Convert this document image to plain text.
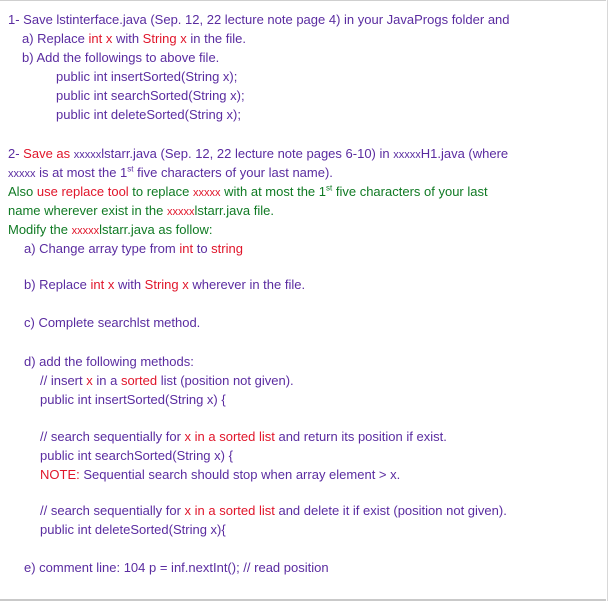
1- Save lstinterface.java (Sep. 12, 22 lecture note page 4) in your JavaProgs folder and
a) Replace int x with String x in the file.
b) Add the followings to above file.
public int insertSorted(String x);
public int searchSorted(String x);
public int deleteSorted(String x);
2- Save as xxxxxlstarr.java (Sep. 12, 22 lecture note pages 6-10) in xxxxxH1.java (where
xxxxx is at most the 1st five characters of your last name).
Also use replace tool to replace xxxxx with at most the 1st five characters of your last
name wherever exist in the xxxxxlstarr.java file.
Modify the xxxxxlstarr.java as follow:
a) Change array type from int to string
b) Replace int x with String x wherever in the file.
c) Complete searchlst method.
d) add the following methods:
// insert x in a sorted list (position not given).
public int insertSorted(String x) {
// search sequentially for x in a sorted list and return its position if exist.
public int searchSorted(String x) {
NOTE: Sequential search should stop when array element > x.
// search sequentially for x in a sorted list and delete it if exist (position not given).
public int deleteSorted(String x){
e) comment line: 104 p = inf.nextInt(); // read position
